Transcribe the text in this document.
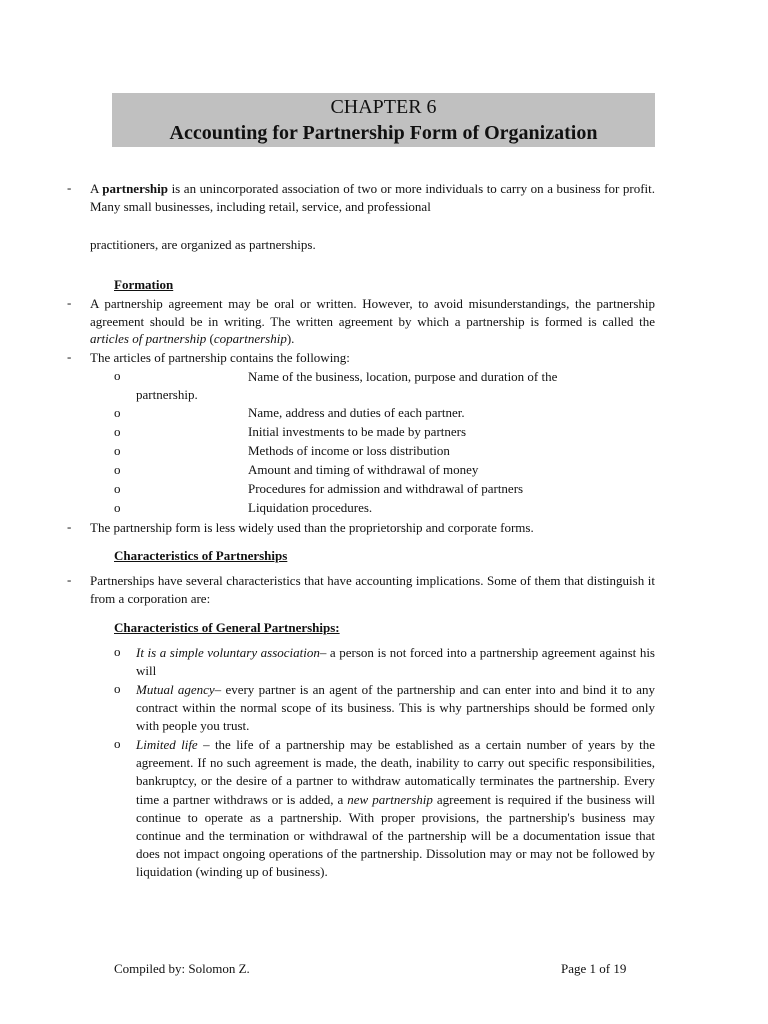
CHAPTER 6
Accounting for Partnership Form of Organization
- A partnership is an unincorporated association of two or more individuals to carry on a business for profit. Many small businesses, including retail, service, and professional
practitioners, are organized as partnerships.
Formation
- A partnership agreement may be oral or written. However, to avoid misunderstandings, the partnership agreement should be in writing. The written agreement by which a partnership is formed is called the articles of partnership (copartnership).
- The articles of partnership contains the following:
o	Name of the business, location, purpose and duration of the
partnership.
o	Name, address and duties of each partner.
o	Initial investments to be made by partners
o	Methods of income or loss distribution
o	Amount and timing of withdrawal of money
o	Procedures for admission and withdrawal of partners
o	Liquidation procedures.
- The partnership form is less widely used than the proprietorship and corporate forms.
Characteristics of Partnerships
- Partnerships have several characteristics that have accounting implications. Some of them that distinguish it from a corporation are:
Characteristics of General Partnerships:
o It is a simple voluntary association– a person is not forced into a partnership agreement against his will
o Mutual agency– every partner is an agent of the partnership and can enter into and bind it to any contract within the normal scope of its business. This is why partnerships should be formed only with people you trust.
o Limited life – the life of a partnership may be established as a certain number of years by the agreement. If no such agreement is made, the death, inability to carry out specific responsibilities, bankruptcy, or the desire of a partner to withdraw automatically terminates the partnership. Every time a partner withdraws or is added, a new partnership agreement is required if the business will continue to operate as a partnership. With proper provisions, the partnership's business may continue and the termination or withdrawal of the partnership will be a documentation issue that does not impact ongoing operations of the partnership. Dissolution may or may not be followed by liquidation (winding up of business).
Compiled by: Solomon Z.	Page 1 of 19
